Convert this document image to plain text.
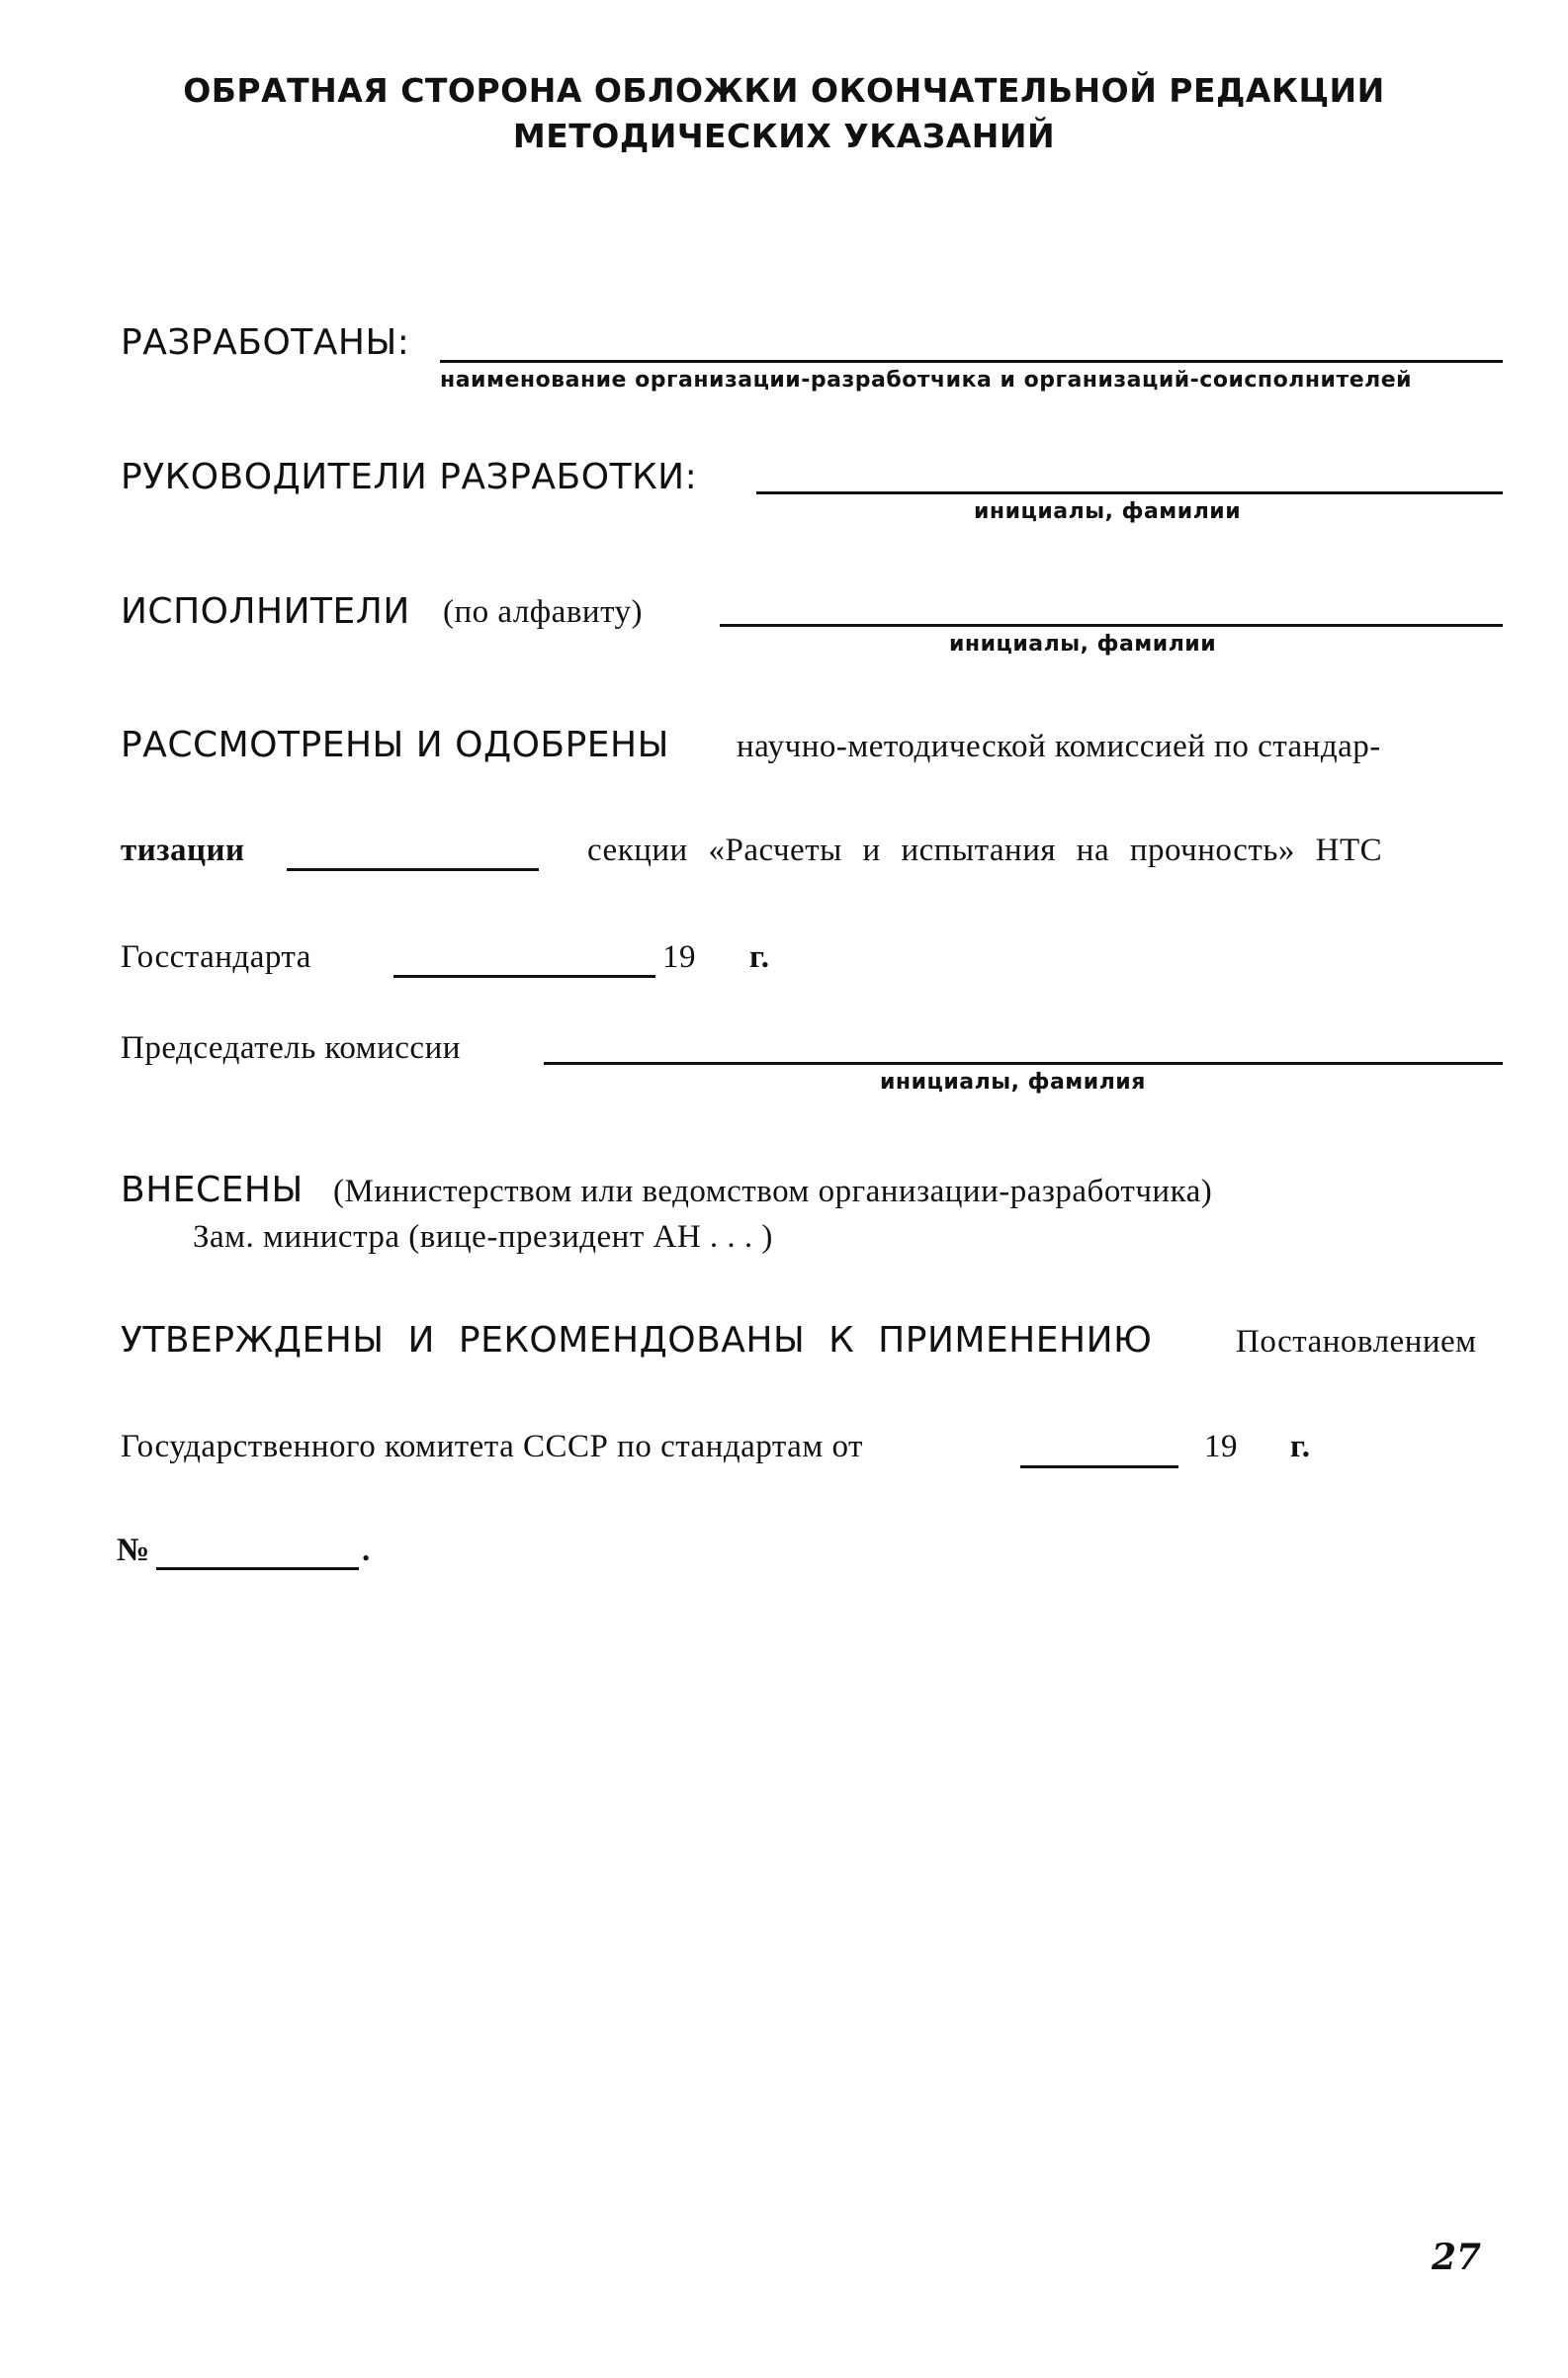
ОБРАТНАЯ СТОРОНА ОБЛОЖКИ ОКОНЧАТЕЛЬНОЙ РЕДАКЦИИ
МЕТОДИЧЕСКИХ УКАЗАНИЙ
РАЗРАБОТАНЫ:
наименование организации-разработчика и организаций-соисполнителей
РУКОВОДИТЕЛИ РАЗРАБОТКИ:
инициалы, фамилии
ИСПОЛНИТЕЛИ (по алфавиту)
инициалы, фамилии
РАССМОТРЕНЫ И ОДОБРЕНЫ научно-методической комиссией по стандар-
тизации	секции «Расчеты и испытания на прочность» НТС
Госстандарта	19 г.
Председатель комиссии
инициалы, фамилия
ВНЕСЕНЫ (Министерством или ведомством организации-разработчика)
Зам. министра (вице-президент АН . . . )
УТВЕРЖДЕНЫ И РЕКОМЕНДОВАНЫ К ПРИМЕНЕНИЮ	Постановлением
Государственного комитета СССР по стандартам от	19 г.
№	.
27
